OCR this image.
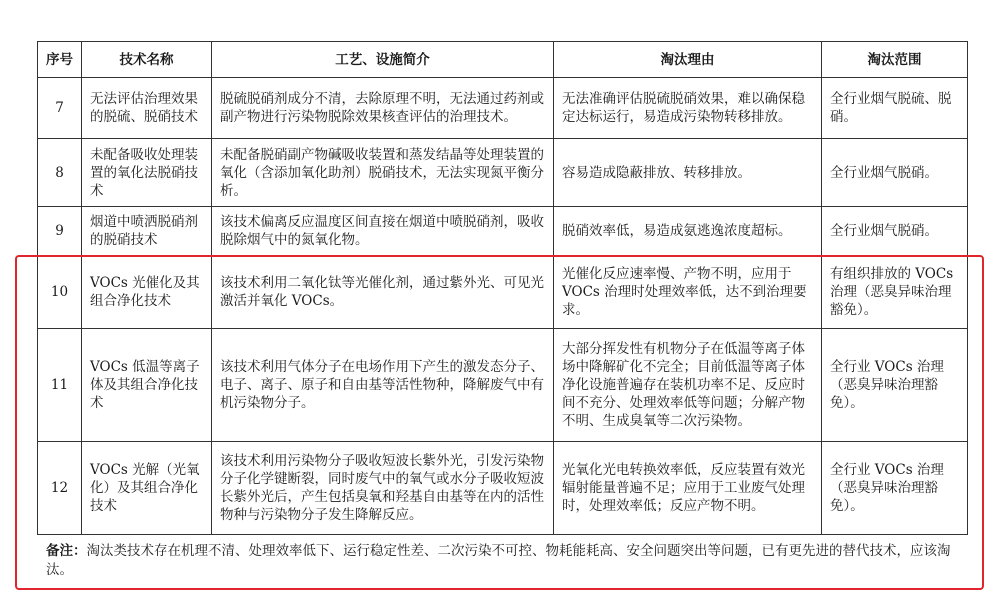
序号	技术名称	工艺、设施简介	淘汰理由	淘汰范围
7	无法评估治理效果的脱硫、脱硝技术	脱硫脱硝剂成分不清，去除原理不明，无法通过药剂或副产物进行污染物脱除效果核查评估的治理技术。	无法准确评估脱硫脱硝效果，难以确保稳定达标运行，易造成污染物转移排放。	全行业烟气脱硫、脱硝。
8	未配备吸收处理装置的氧化法脱硝技术	未配备脱硝副产物碱吸收装置和蒸发结晶等处理装置的氧化（含添加氧化助剂）脱硝技术，无法实现氮平衡分析。	容易造成隐蔽排放、转移排放。	全行业烟气脱硝。
9	烟道中喷洒脱硝剂的脱硝技术	该技术偏离反应温度区间直接在烟道中喷脱硝剂，吸收脱除烟气中的氮氧化物。	脱硝效率低，易造成氨逃逸浓度超标。	全行业烟气脱硝。
10	VOCs 光催化及其组合净化技术	该技术利用二氧化钛等光催化剂，通过紫外光、可见光激活并氧化 VOCs。	光催化反应速率慢、产物不明，应用于 VOCs 治理时处理效率低，达不到治理要求。	有组织排放的 VOCs 治理（恶臭异味治理豁免）。
11	VOCs 低温等离子体及其组合净化技术	该技术利用气体分子在电场作用下产生的激发态分子、电子、离子、原子和自由基等活性物种，降解废气中有机污染物分子。	大部分挥发性有机物分子在低温等离子体场中降解矿化不完全；目前低温等离子体净化设施普遍存在装机功率不足、反应时间不充分、处理效率低等问题；分解产物不明、生成臭氧等二次污染物。	全行业 VOCs 治理（恶臭异味治理豁免）。
12	VOCs 光解（光氧化）及其组合净化技术	该技术利用污染物分子吸收短波长紫外光，引发污染物分子化学键断裂，同时废气中的氧气或水分子吸收短波长紫外光后，产生包括臭氧和羟基自由基等在内的活性物种与污染物分子发生降解反应。	光氧化光电转换效率低，反应装置有效光辐射能量普遍不足；应用于工业废气处理时，处理效率低；反应产物不明。	全行业 VOCs 治理（恶臭异味治理豁免）。
备注：淘汰类技术存在机理不清、处理效率低下、运行稳定性差、二次污染不可控、物耗能耗高、安全问题突出等问题，已有更先进的替代技术，应该淘汰。
